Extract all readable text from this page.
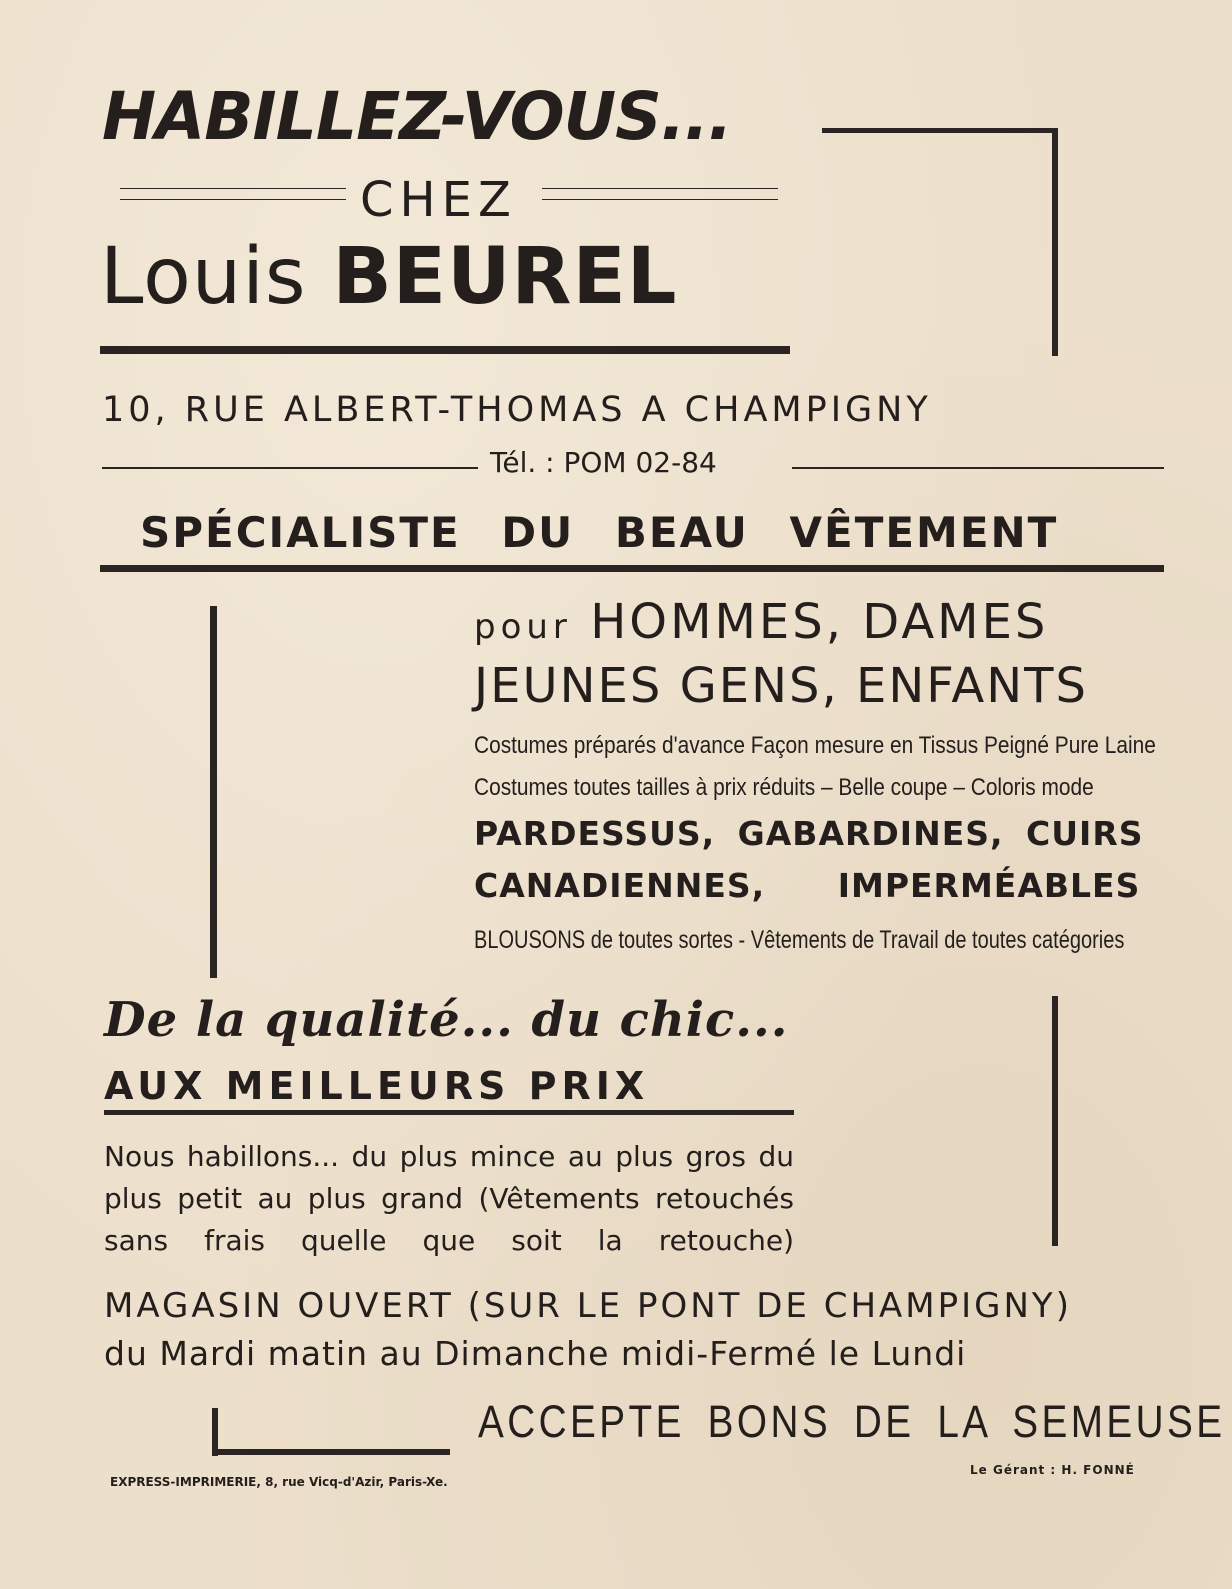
HABILLEZ-VOUS...
CHEZ
Louis BEUREL
10, RUE ALBERT-THOMAS A CHAMPIGNY
Tél. : POM 02-84
SPÉCIALISTE DU BEAU VÊTEMENT
pour HOMMES, DAMES
JEUNES GENS, ENFANTS
Costumes préparés d'avance Façon mesure en Tissus Peigné Pure Laine
Costumes toutes tailles à prix réduits – Belle coupe – Coloris mode
PARDESSUS, GABARDINES, CUIRS
CANADIENNES, IMPERMÉABLES
BLOUSONS de toutes sortes - Vêtements de Travail de toutes catégories
De la qualité... du chic...
AUX MEILLEURS PRIX
Nous habillons... du plus mince au plus gros du plus petit au plus grand (Vêtements retouchés sans frais quelle que soit la retouche)
MAGASIN OUVERT (SUR LE PONT DE CHAMPIGNY)
du Mardi matin au Dimanche midi-Fermé le Lundi
ACCEPTE BONS DE LA SEMEUSE
EXPRESS-IMPRIMERIE, 8, rue Vicq-d'Azir, Paris-Xe.
Le Gérant : H. FONNÉ
